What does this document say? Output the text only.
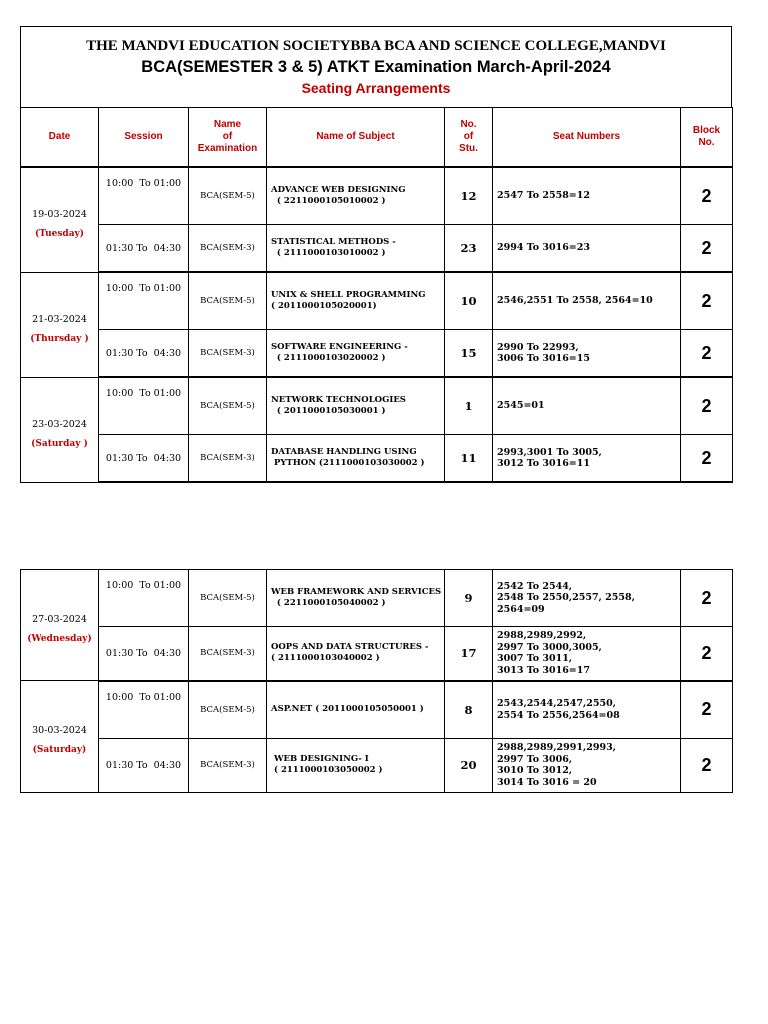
THE MANDVI EDUCATION SOCIETYBBA BCA AND SCIENCE COLLEGE,MANDVI
BCA(SEMESTER 3 & 5) ATKT Examination March-April-2024
Seating Arrangements
Date	Session	Name
of
Examination	Name of Subject	No.
of
Stu.	Seat Numbers	Block
No.

19-03-2024
(Tuesday)	10:00  To 01:00	BCA(SEM-5)	ADVANCE WEB DESIGNING
( 2211000105010002 )	12	2547 To 2558=12	2
	01:30 To  04:30	BCA(SEM-3)	STATISTICAL METHODS -
( 2111000103010002 )	23	2994 To 3016=23	2

21-03-2024
(Thursday )	10:00  To 01:00	BCA(SEM-5)	UNIX & SHELL PROGRAMMING
( 2011000105020001)	10	2546,2551 To 2558, 2564=10	2
	01:30 To  04:30	BCA(SEM-3)	SOFTWARE ENGINEERING -
( 2111000103020002 )	15	2990 To 22993,
3006 To 3016=15	2

23-03-2024
(Saturday )	10:00  To 01:00	BCA(SEM-5)	NETWORK TECHNOLOGIES
( 2011000105030001 )	1	2545=01	2
	01:30 To  04:30	BCA(SEM-3)	DATABASE HANDLING USING
PYTHON (2111000103030002 )	11	2993,3001 To 3005,
3012 To 3016=11	2
27-03-2024
(Wednesday)	10:00  To 01:00	BCA(SEM-5)	WEB FRAMEWORK AND SERVICES
( 2211000105040002 )	9	2542 To 2544,
2548 To 2550,2557, 2558,
2564=09	2
	01:30 To  04:30	BCA(SEM-3)	OOPS AND DATA STRUCTURES -
( 2111000103040002 )	17	2988,2989,2992,
2997 To 3000,3005,
3007 To 3011,
3013 To 3016=17	2

30-03-2024
(Saturday)	10:00  To 01:00	BCA(SEM-5)	ASP.NET ( 2011000105050001 )	8	2543,2544,2547,2550,
2554 To 2556,2564=08	2
	01:30 To  04:30	BCA(SEM-3)	WEB DESIGNING- I
( 2111000103050002 )	20	2988,2989,2991,2993,
2997 To 3006,
3010 To 3012,
3014 To 3016 = 20	2
